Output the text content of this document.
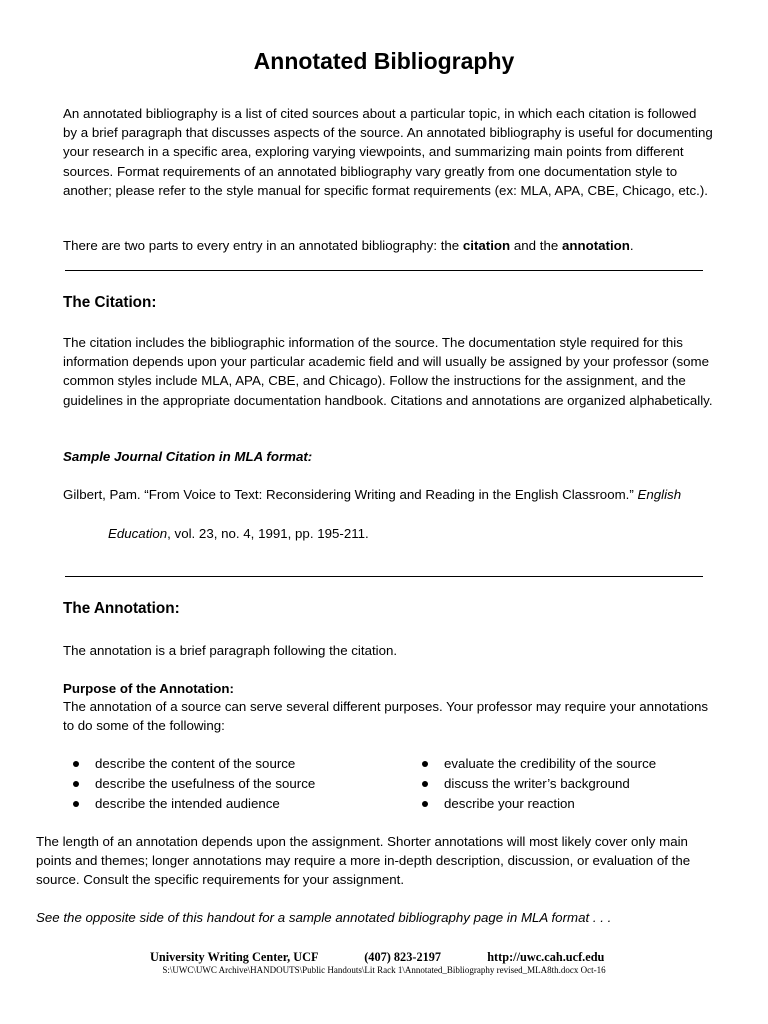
Annotated Bibliography
An annotated bibliography is a list of cited sources about a particular topic, in which each citation is followed by a brief paragraph that discusses aspects of the source. An annotated bibliography is useful for documenting your research in a specific area, exploring varying viewpoints, and summarizing main points from different sources. Format requirements of an annotated bibliography vary greatly from one documentation style to another; please refer to the style manual for specific format requirements (ex: MLA, APA, CBE, Chicago, etc.).
There are two parts to every entry in an annotated bibliography: the citation and the annotation.
The Citation:
The citation includes the bibliographic information of the source. The documentation style required for this information depends upon your particular academic field and will usually be assigned by your professor (some common styles include MLA, APA, CBE, and Chicago). Follow the instructions for the assignment, and the guidelines in the appropriate documentation handbook. Citations and annotations are organized alphabetically.
Sample Journal Citation in MLA format:
Gilbert, Pam. “From Voice to Text: Reconsidering Writing and Reading in the English Classroom.” English
Education, vol. 23, no. 4, 1991, pp. 195-211.
The Annotation:
The annotation is a brief paragraph following the citation.
Purpose of the Annotation:
The annotation of a source can serve several different purposes. Your professor may require your annotations to do some of the following:
describe the content of the source
describe the usefulness of the source
describe the intended audience
evaluate the credibility of the source
discuss the writer’s background
describe your reaction
The length of an annotation depends upon the assignment. Shorter annotations will most likely cover only main points and themes; longer annotations may require a more in-depth description, discussion, or evaluation of the source. Consult the specific requirements for your assignment.
See the opposite side of this handout for a sample annotated bibliography page in MLA format . . .
University Writing Center, UCF	(407) 823-2197	http://uwc.cah.ucf.edu
S:\UWC\UWC Archive\HANDOUTS\Public Handouts\Lit Rack 1\Annotated_Bibliography revised_MLA8th.docx Oct-16
